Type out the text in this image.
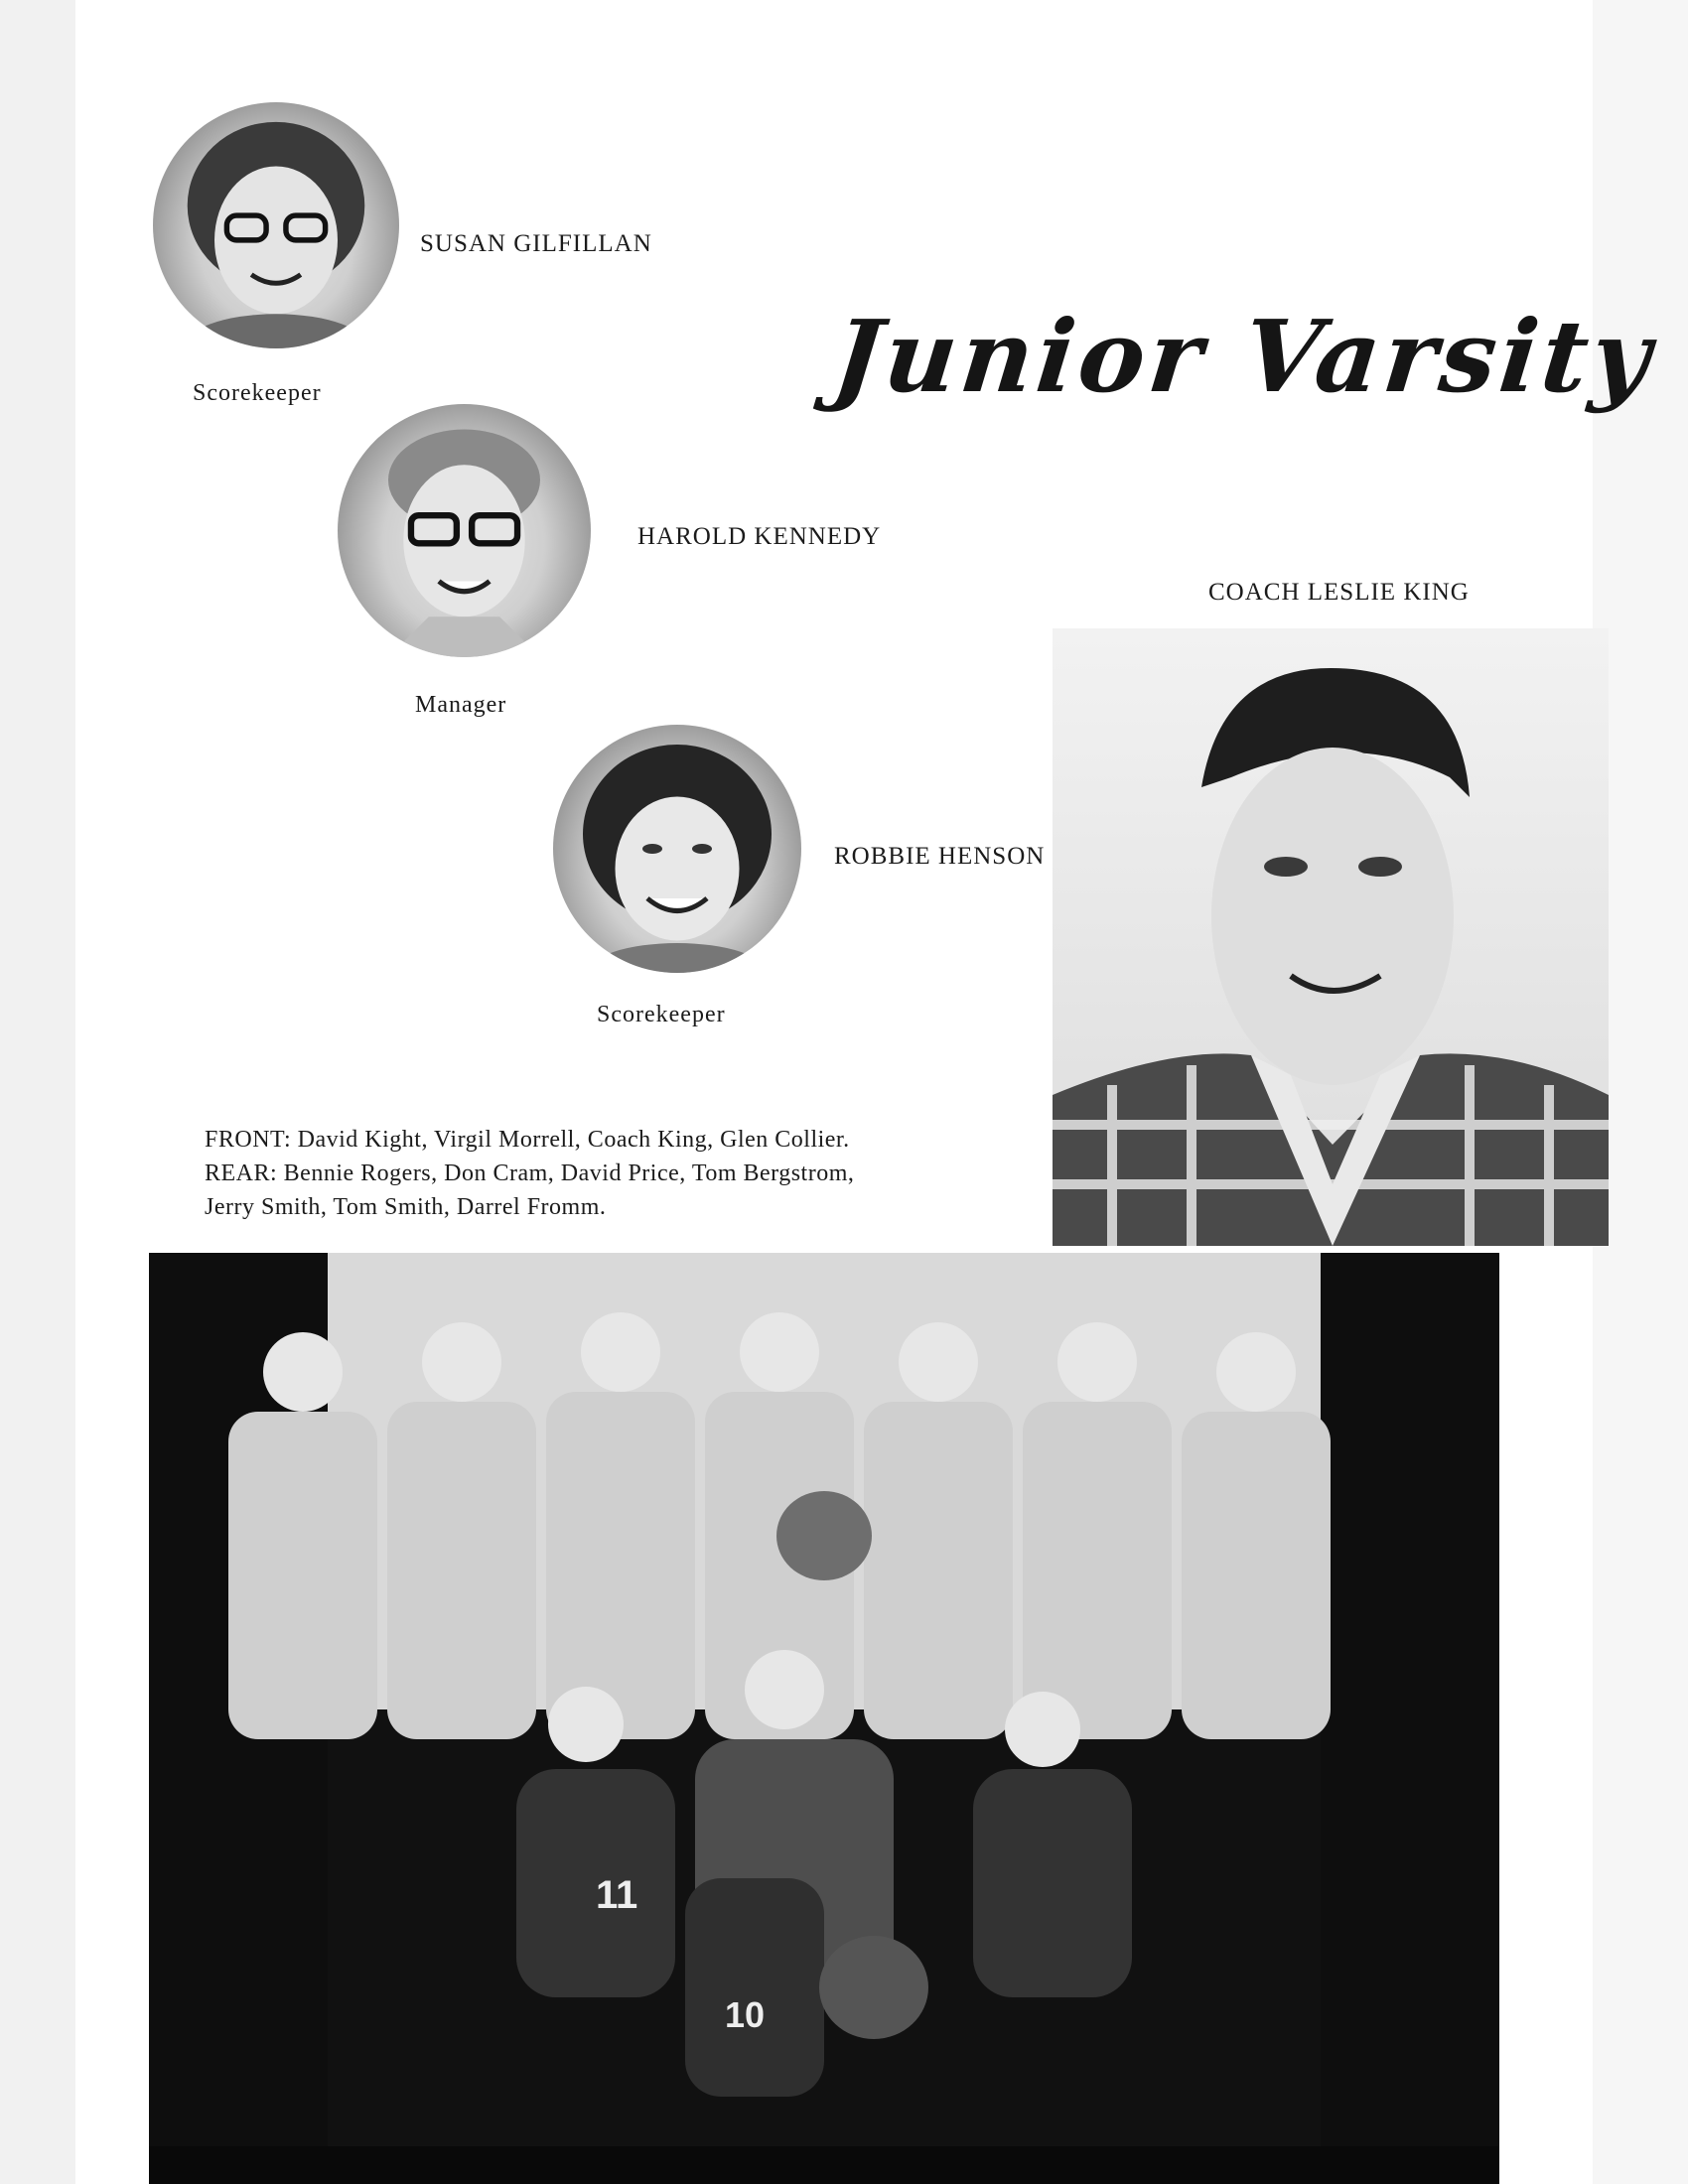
SUSAN GILFILLAN
Scorekeeper	Junior Varsity
HAROLD KENNEDY
Manager
COACH LESLIE KING
ROBBIE HENSON
Scorekeeper
FRONT: David Kight, Virgil Morrell, Coach King, Glen Collier.
REAR: Bennie Rogers, Don Cram, David Price, Tom Bergstrom,
Jerry Smith, Tom Smith, Darrel Fromm.
11
10
